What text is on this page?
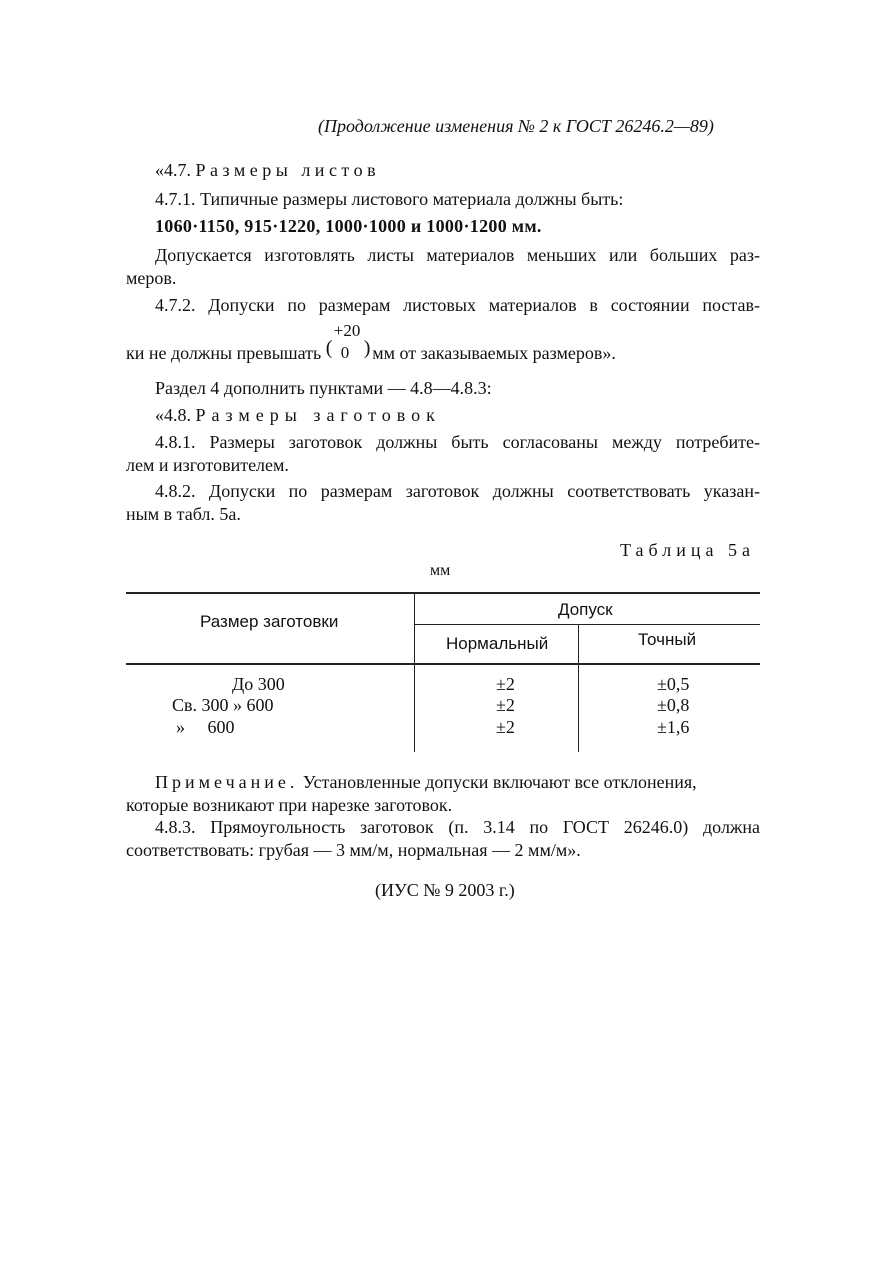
(Продолжение изменения № 2 к ГОСТ 26246.2—89)
«4.7. Размеры листов
4.7.1. Типичные размеры листового материала должны быть:
1060·1150, 915·1220, 1000·1000 и 1000·1200 мм.
Допускается изготовлять листы материалов меньших или больших раз-
меров.
4.7.2. Допуски по размерам листовых материалов в состоянии постав-
ки не должны превышать (
+20
0 ) мм от заказываемых размеров».
Раздел 4 дополнить пунктами — 4.8—4.8.3:
«4.8. Размеры заготовок
4.8.1. Размеры заготовок должны быть согласованы между потребите-
лем и изготовителем.
4.8.2. Допуски по размерам заготовок должны соответствовать указан-
ным в табл. 5а.
Таблица 5а
мм
Размер заготовки
Допуск
Нормальный	Точный
До 300	±2	±0,5
Св. 300 » 600	±2	±0,8
»     600	±2	±1,6
Примечание. Установленные допуски включают все отклонения,
которые возникают при нарезке заготовок.
4.8.3. Прямоугольность заготовок (п. 3.14 по ГОСТ 26246.0) должна
соответствовать: грубая — 3 мм/м, нормальная — 2 мм/м».
(ИУС № 9 2003 г.)
